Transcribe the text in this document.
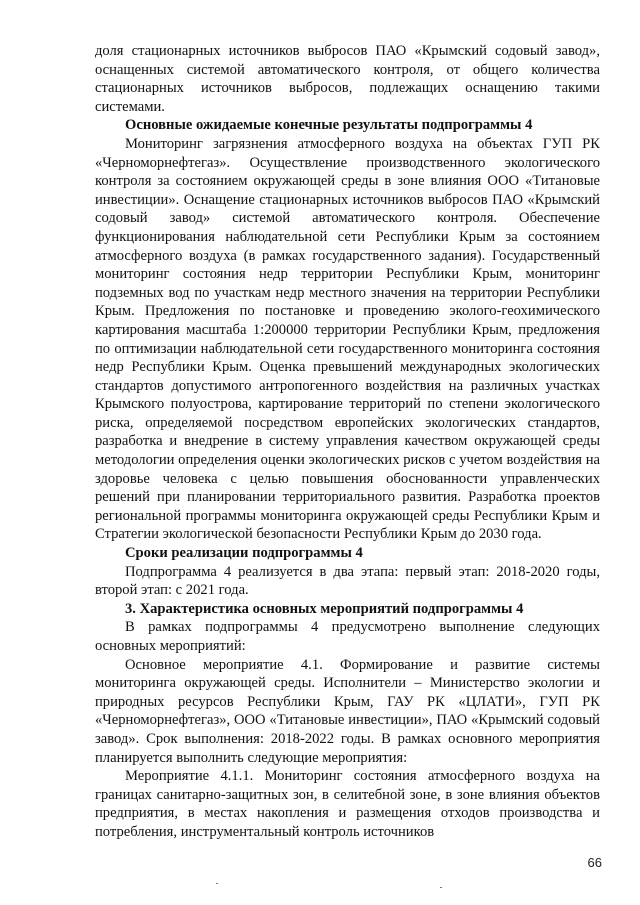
доля стационарных источников выбросов ПАО «Крымский содовый завод», оснащенных системой автоматического контроля, от общего количества стационарных источников выбросов, подлежащих оснащению такими системами.

Основные ожидаемые конечные результаты подпрограммы 4

Мониторинг загрязнения атмосферного воздуха на объектах ГУП РК «Черноморнефтегаз». Осуществление производственного экологического контроля за состоянием окружающей среды в зоне влияния ООО «Титановые инвестиции». Оснащение стационарных источников выбросов ПАО «Крымский содовый завод» системой автоматического контроля. Обеспечение функционирования наблюдательной сети Республики Крым за состоянием атмосферного воздуха (в рамках государственного задания). Государственный мониторинг состояния недр территории Республики Крым, мониторинг подземных вод по участкам недр местного значения на территории Республики Крым. Предложения по постановке и проведению эколого-геохимического картирования масштаба 1:200000 территории Республики Крым, предложения по оптимизации наблюдательной сети государственного мониторинга состояния недр Республики Крым. Оценка превышений международных экологических стандартов допустимого антропогенного воздействия на различных участках Крымского полуострова, картирование территорий по степени экологического риска, определяемой посредством европейских экологических стандартов, разработка и внедрение в систему управления качеством окружающей среды методологии определения оценки экологических рисков с учетом воздействия на здоровье человека с целью повышения обоснованности управленческих решений при планировании территориального развития. Разработка проектов региональной программы мониторинга окружающей среды Республики Крым и Стратегии экологической безопасности Республики Крым до 2030 года.

Сроки реализации подпрограммы 4

Подпрограмма 4 реализуется в два этапа: первый этап: 2018-2020 годы, второй этап: с 2021 года.

3. Характеристика основных мероприятий подпрограммы 4

В рамках подпрограммы 4 предусмотрено выполнение следующих основных мероприятий:

Основное мероприятие 4.1. Формирование и развитие системы мониторинга окружающей среды. Исполнители – Министерство экологии и природных ресурсов Республики Крым, ГАУ РК «ЦЛАТИ», ГУП РК «Черноморнефтегаз», ООО «Титановые инвестиции», ПАО «Крымский содовый завод». Срок выполнения: 2018-2022 годы. В рамках основного мероприятия планируется выполнить следующие мероприятия:

Мероприятие 4.1.1. Мониторинг состояния атмосферного воздуха на границах санитарно-защитных зон, в селитебной зоне, в зоне влияния объектов предприятия, в местах накопления и размещения отходов производства и потребления, инструментальный контроль источников

66
